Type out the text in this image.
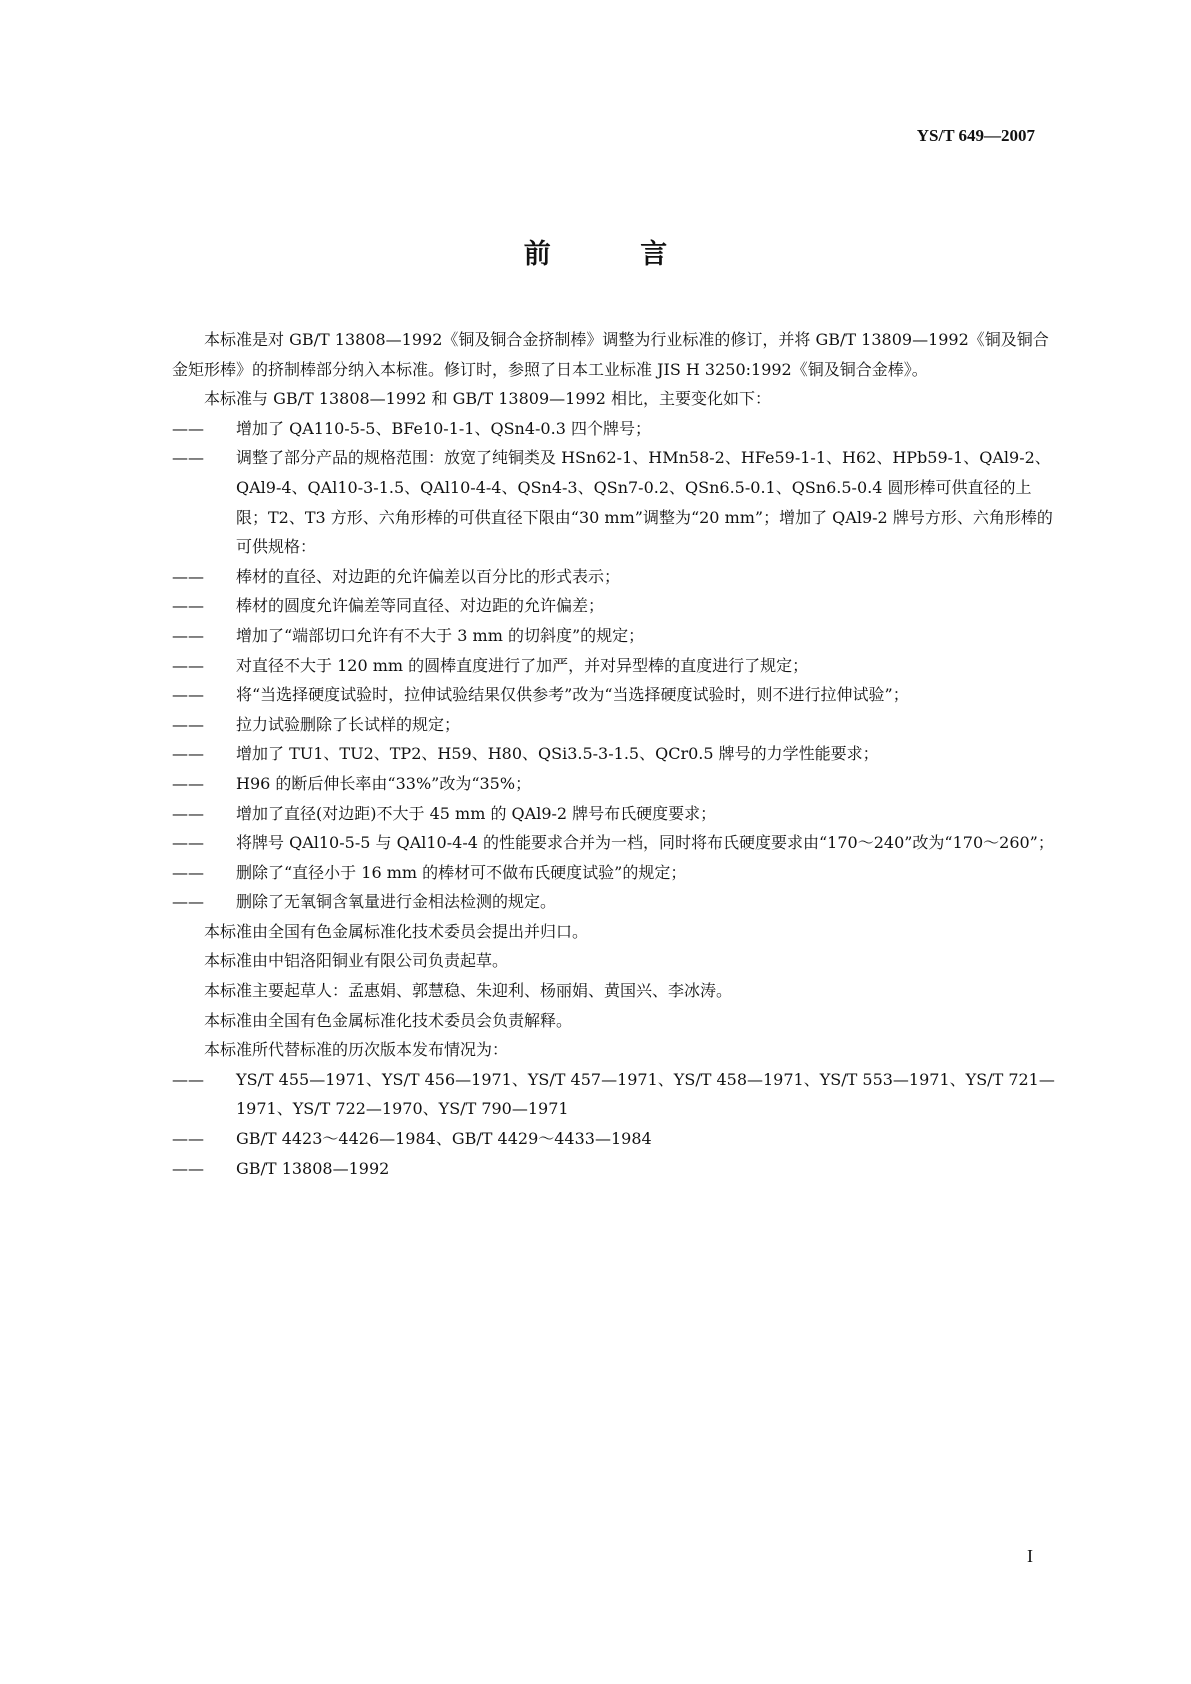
YS/T 649—2007
前 言

本标准是对 GB/T 13808—1992《铜及铜合金挤制棒》调整为行业标准的修订，并将 GB/T 13809—1992《铜及铜合金矩形棒》的挤制棒部分纳入本标准。修订时，参照了日本工业标准 JIS H 3250:1992《铜及铜合金棒》。

本标准与 GB/T 13808—1992 和 GB/T 13809—1992 相比，主要变化如下：

—— 增加了 QA110-5-5、BFe10-1-1、QSn4-0.3 四个牌号；

—— 调整了部分产品的规格范围：放宽了纯铜类及 HSn62-1、HMn58-2、HFe59-1-1、H62、HPb59-1、QAl9-2、QAl9-4、QAl10-3-1.5、QAl10-4-4、QSn4-3、QSn7-0.2、QSn6.5-0.1、QSn6.5-0.4 圆形棒可供直径的上限；T2、T3 方形、六角形棒的可供直径下限由“30 mm”调整为“20 mm”；增加了 QAl9-2 牌号方形、六角形棒的可供规格：

—— 棒材的直径、对边距的允许偏差以百分比的形式表示；

—— 棒材的圆度允许偏差等同直径、对边距的允许偏差；

—— 增加了“端部切口允许有不大于 3 mm 的切斜度”的规定；

—— 对直径不大于 120 mm 的圆棒直度进行了加严，并对异型棒的直度进行了规定；

—— 将“当选择硬度试验时，拉伸试验结果仅供参考”改为“当选择硬度试验时，则不进行拉伸试验”；

—— 拉力试验删除了长试样的规定；

—— 增加了 TU1、TU2、TP2、H59、H80、QSi3.5-3-1.5、QCr0.5 牌号的力学性能要求；

—— H96 的断后伸长率由“33%”改为“35%；

—— 增加了直径(对边距)不大于 45 mm 的 QAl9-2 牌号布氏硬度要求；

—— 将牌号 QAl10-5-5 与 QAl10-4-4 的性能要求合并为一档，同时将布氏硬度要求由“170～240”改为“170～260”；

—— 删除了“直径小于 16 mm 的棒材可不做布氏硬度试验”的规定；

—— 删除了无氧铜含氧量进行金相法检测的规定。

本标准由全国有色金属标准化技术委员会提出并归口。

本标准由中铝洛阳铜业有限公司负责起草。

本标准主要起草人：孟惠娟、郭慧稳、朱迎利、杨丽娟、黄国兴、李冰涛。

本标准由全国有色金属标准化技术委员会负责解释。

本标准所代替标准的历次版本发布情况为：

—— YS/T 455—1971、YS/T 456—1971、YS/T 457—1971、YS/T 458—1971、YS/T 553—1971、YS/T 721—1971、YS/T 722—1970、YS/T 790—1971

—— GB/T 4423～4426—1984、GB/T 4429～4433—1984

—— GB/T 13808—1992

I
